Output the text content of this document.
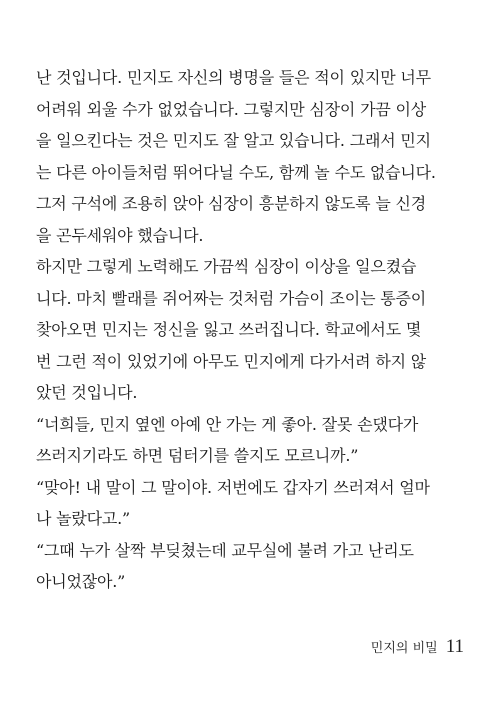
난 것입니다. 민지도 자신의 병명을 들은 적이 있지만 너무
어려워 외울 수가 없었습니다. 그렇지만 심장이 가끔 이상
을 일으킨다는 것은 민지도 잘 알고 있습니다. 그래서 민지
는 다른 아이들처럼 뛰어다닐 수도, 함께 놀 수도 없습니다.
그저 구석에 조용히 앉아 심장이 흥분하지 않도록 늘 신경
을 곤두세워야 했습니다.
하지만 그렇게 노력해도 가끔씩 심장이 이상을 일으켰습
니다. 마치 빨래를 쥐어짜는 것처럼 가슴이 조이는 통증이
찾아오면 민지는 정신을 잃고 쓰러집니다. 학교에서도 몇
번 그런 적이 있었기에 아무도 민지에게 다가서려 하지 않
았던 것입니다.
“너희들, 민지 옆엔 아예 안 가는 게 좋아. 잘못 손댔다가
쓰러지기라도 하면 덤터기를 쓸지도 모르니까.”
“맞아! 내 말이 그 말이야. 저번에도 갑자기 쓰러져서 얼마
나 놀랐다고.”
“그때 누가 살짝 부딪쳤는데 교무실에 불려 가고 난리도
아니었잖아.”
민지의 비밀 11
